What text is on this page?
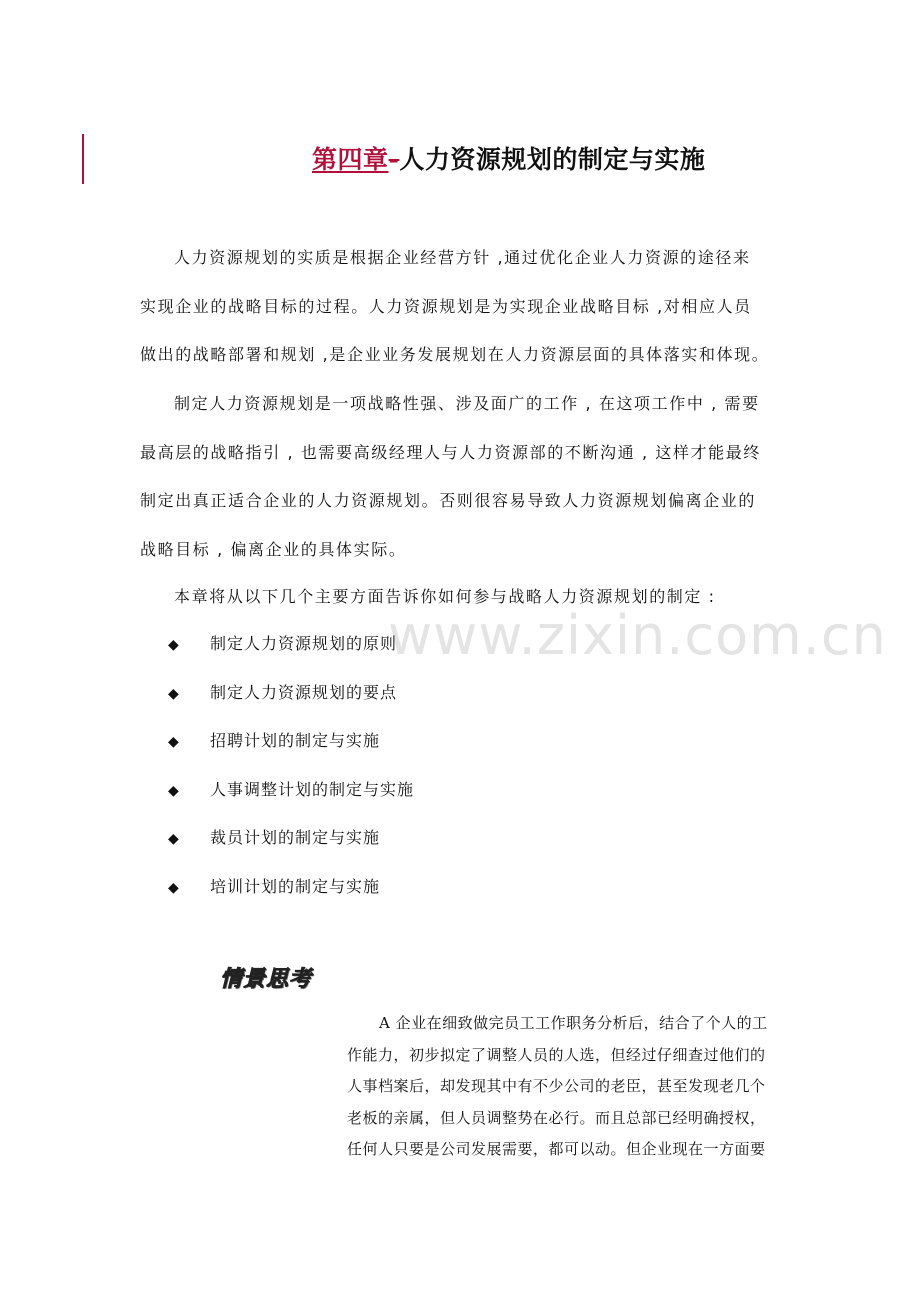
www.zixin.com.cn
第四章-人力资源规划的制定与实施

人力资源规划的实质是根据企业经营方针 ,通过优化企业人力资源的途径来

实现企业的战略目标的过程。人力资源规划是为实现企业战略目标 ,对相应人员

做出的战略部署和规划 ,是企业业务发展规划在人力资源层面的具体落实和体现。

制定人力资源规划是一项战略性强、涉及面广的工作 , 在这项工作中 , 需要

最高层的战略指引 , 也需要高级经理人与人力资源部的不断沟通 , 这样才能最终

制定出真正适合企业的人力资源规划。否则很容易导致人力资源规划偏离企业的

战略目标 , 偏离企业的具体实际。

本章将从以下几个主要方面告诉你如何参与战略人力资源规划的制定 :

◆ 制定人力资源规划的原则
◆ 制定人力资源规划的要点
◆ 招聘计划的制定与实施
◆ 人事调整计划的制定与实施
◆ 裁员计划的制定与实施
◆ 培训计划的制定与实施
情景思考

A 企业在细致做完员工工作职务分析后，结合了个人的工

作能力，初步拟定了调整人员的人选，但经过仔细查过他们的

人事档案后，却发现其中有不少公司的老臣，甚至发现老几个

老板的亲属，但人员调整势在必行。而且总部已经明确授权，

任何人只要是公司发展需要，都可以动。但企业现在一方面要
